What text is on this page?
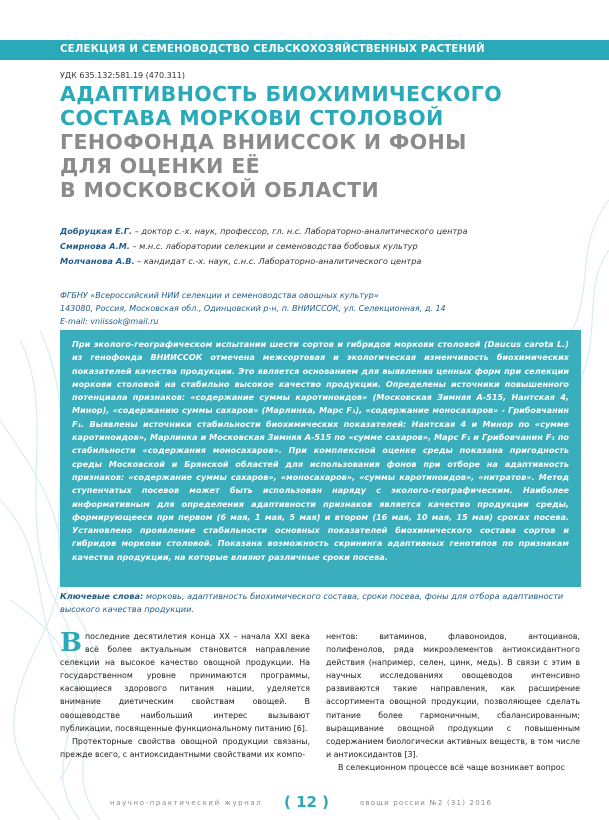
СЕЛЕКЦИЯ И СЕМЕНОВОДСТВО СЕЛЬСКОХОЗЯЙСТВЕННЫХ РАСТЕНИЙ
УДК 635.132:581.19 (470.311)
АДАПТИВНОСТЬ БИОХИМИЧЕСКОГО
СОСТАВА МОРКОВИ СТОЛОВОЙ
ГЕНОФОНДА ВНИИССОК И ФОНЫ
ДЛЯ ОЦЕНКИ ЕЁ
В МОСКОВСКОЙ ОБЛАСТИ
Добруцкая Е.Г. – доктор с.-х. наук, профессор, гл. н.с. Лабораторно-аналитического центра
Смирнова А.М. – м.н.с. лаборатории селекции и семеноводства бобовых культур
Молчанова А.В. – кандидат с.-х. наук, с.н.с. Лабораторно-аналитического центра
ФГБНУ «Всероссийский НИИ селекции и семеноводства овощных культур»
143080, Россия, Московская обл., Одинцовский р-н, п. ВНИИССОК, ул. Селекционная, д. 14
E-mail: vniissok@mail.ru
При эколого-географическом испытании шести сортов и гибридов моркови столовой (Daucus carota L.) из генофонда ВНИИССОК отмечена межсортовая и экологическая изменчивость биохимических показателей качества продукции. Это является основанием для выявления ценных форм при селекции моркови столовой на стабильно высокое качество продукции. Определены источники повышенного потенциала признаков: «содержание суммы каротиноидов» (Московская Зимняя А-515, Нантская 4, Минор), «содержанию суммы сахаров» (Марлинка, Марс F₁), «содержание моносахаров» - Грибовчанин F₁. Выявлены источники стабильности биохимических показателей: Нантская 4 и Минор по «сумме каротиноидов», Марлинка и Московская Зимняя А-515 по «сумме сахаров», Марс F₁ и Грибовчанин F₁ по стабильности «содержания моносахаров». При комплексной оценке среды показана пригодность среды Московской и Брянской областей для использования фонов при отборе на адаптивность признаков: «содержание суммы сахаров», «моносахаров», «суммы каротиноидов», «нитратов». Метод ступенчатых посевов может быть использован наряду с эколого-географическим. Наиболее информативным для определения адаптивности признаков является качество продукции среды, формирующееся при первом (6 мая, 1 мая, 5 мая) и втором (16 мая, 10 мая, 15 мая) сроках посева. Установлено проявление стабильности основных показателей биохимического состава сортов и гибридов моркови столовой. Показана возможность скрининга адаптивных генотипов по признакам качества продукции, на которые влияют различные сроки посева.
Ключевые слова: морковь, адаптивность биохимического состава, сроки посева, фоны для отбора адаптивности высокого качества продукции.

Впоследние десятилетия конца XX – начала XXI века всё более актуальным становится направление селекции на высокое качество овощной продукции. На государственном уровне принимаются программы, касающиеся здорового питания нации, уделяется внимание диетическим свойствам овощей. В овощеводстве наибольший интерес вызывают публикации, посвященные функциональному питанию [6].

Протекторные свойства овощной продукции связаны, прежде всего, с антиоксидантными свойствами их компо-

нентов: витаминов, флавоноидов, антоцианов, полифенолов, ряда микроэлементов антиоксидантного действия (например, селен, цинк, медь). В связи с этим в научных исследованиях овощеводов интенсивно развиваются такие направления, как расширение ассортимента овощной продукции, позволяющее сделать питание более гармоничным, сбалансированным; выращивание овощной продукции с повышенным содержанием биологически активных веществ, в том числе и антиоксидантов [3].

В селекционном процессе всё чаще возникает вопрос

научно-практический журнал ( 12 )	овощи россии №2 (31) 2016
